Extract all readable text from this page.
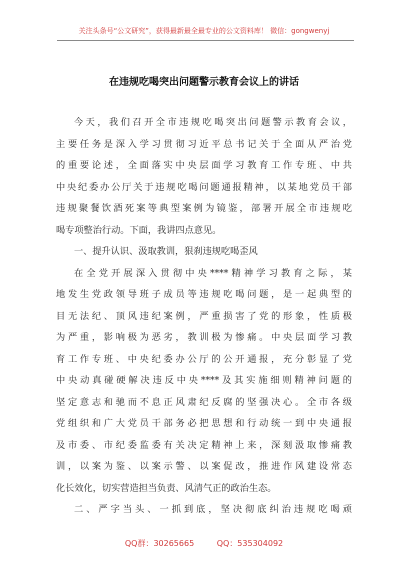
关注头条号“公文研究”，获得最新最全最专业的公文资料库！ 微信：gongwenyj
在违规吃喝突出问题警示教育会议上的讲话
今天，我们召开全市违规吃喝突出问题警示教育会议，
主要任务是深入学习贯彻习近平总书记关于全面从严治党
的重要论述，全面落实中央层面学习教育工作专班、中共
中央纪委办公厅关于违规吃喝问题通报精神，以某地党员干部
违规聚餐饮酒死案等典型案例为镜鉴，部署开展全市违规吃
喝专项整治行动。下面，我讲四点意见。
一、提升认识、汲取教训，狠刹违规吃喝歪风
在全党开展深入贯彻中央****精神学习教育之际，某
地发生党政领导班子成员等违规吃喝问题，是一起典型的
目无法纪、顶风违纪案例，严重损害了党的形象，性质极
为严重，影响极为恶劣，教训极为惨痛。中央层面学习教
育工作专班、中央纪委办公厅的公开通报，充分彰显了党
中央动真碰硬解决违反中央****及其实施细则精神问题的
坚定意志和驰而不息正风肃纪反腐的坚强决心。全市各级
党组织和广大党员干部务必把思想和行动统一到中央通报
及市委、市纪委监委有关决定精神上来，深刻汲取惨痛教
训，以案为鉴、以案示警、以案促改，推进作风建设常态
化长效化，切实营造担当负责、风清气正的政治生态。
二、严字当头、一抓到底，坚决彻底纠治违规吃喝顽
QQ群：30265665	QQ：535304092
